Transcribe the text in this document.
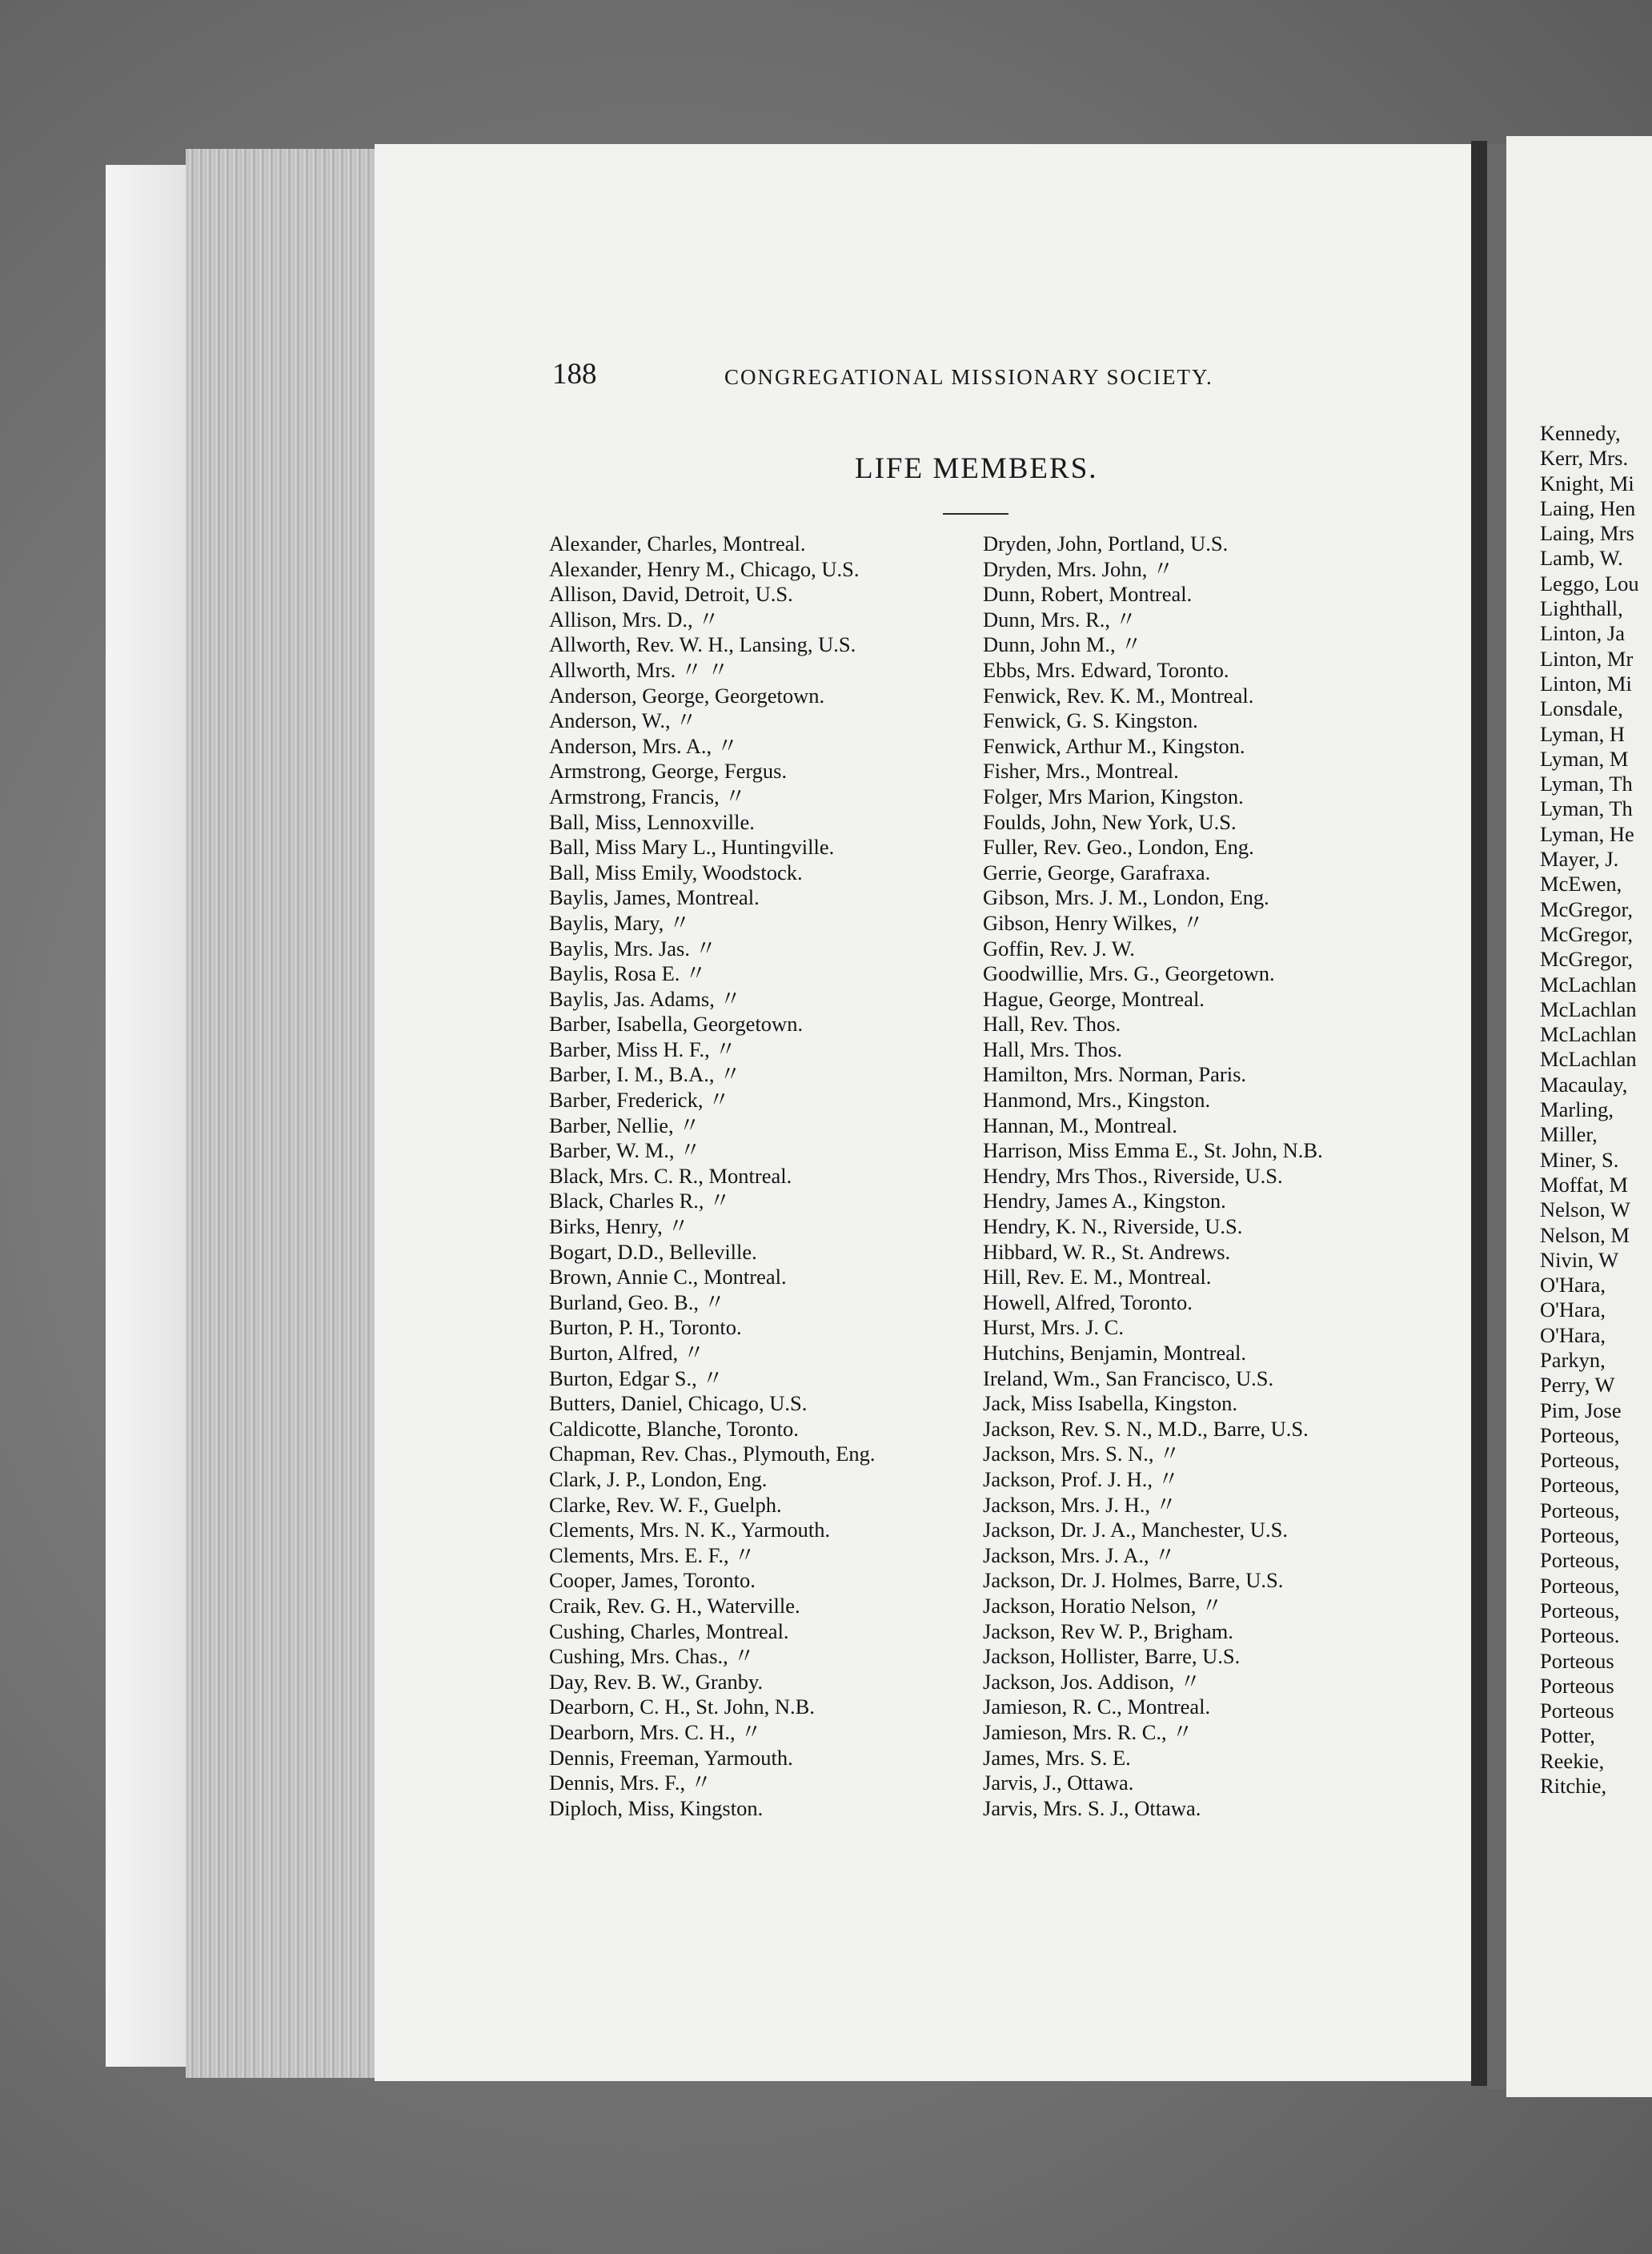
188	CONGREGATIONAL MISSIONARY SOCIETY.
LIFE MEMBERS.
Alexander, Charles, Montreal.
Alexander, Henry M., Chicago, U.S.
Allison, David, Detroit, U.S.
Allison, Mrs. D., 〃
Allworth, Rev. W. H., Lansing, U.S.
Allworth, Mrs. 〃 〃
Anderson, George, Georgetown.
Anderson, W., 〃
Anderson, Mrs. A., 〃
Armstrong, George, Fergus.
Armstrong, Francis, 〃
Ball, Miss, Lennoxville.
Ball, Miss Mary L., Huntingville.
Ball, Miss Emily, Woodstock.
Baylis, James, Montreal.
Baylis, Mary, 〃
Baylis, Mrs. Jas. 〃
Baylis, Rosa E. 〃
Baylis, Jas. Adams, 〃
Barber, Isabella, Georgetown.
Barber, Miss H. F., 〃
Barber, I. M., B.A., 〃
Barber, Frederick, 〃
Barber, Nellie, 〃
Barber, W. M., 〃
Black, Mrs. C. R., Montreal.
Black, Charles R., 〃
Birks, Henry, 〃
Bogart, D.D., Belleville.
Brown, Annie C., Montreal.
Burland, Geo. B., 〃
Burton, P. H., Toronto.
Burton, Alfred, 〃
Burton, Edgar S., 〃
Butters, Daniel, Chicago, U.S.
Caldicotte, Blanche, Toronto.
Chapman, Rev. Chas., Plymouth, Eng.
Clark, J. P., London, Eng.
Clarke, Rev. W. F., Guelph.
Clements, Mrs. N. K., Yarmouth.
Clements, Mrs. E. F., 〃
Cooper, James, Toronto.
Craik, Rev. G. H., Waterville.
Cushing, Charles, Montreal.
Cushing, Mrs. Chas., 〃
Day, Rev. B. W., Granby.
Dearborn, C. H., St. John, N.B.
Dearborn, Mrs. C. H., 〃
Dennis, Freeman, Yarmouth.
Dennis, Mrs. F., 〃
Diploch, Miss, Kingston.
Dryden, John, Portland, U.S.
Dryden, Mrs. John, 〃
Dunn, Robert, Montreal.
Dunn, Mrs. R., 〃
Dunn, John M., 〃
Ebbs, Mrs. Edward, Toronto.
Fenwick, Rev. K. M., Montreal.
Fenwick, G. S. Kingston.
Fenwick, Arthur M., Kingston.
Fisher, Mrs., Montreal.
Folger, Mrs Marion, Kingston.
Foulds, John, New York, U.S.
Fuller, Rev. Geo., London, Eng.
Gerrie, George, Garafraxa.
Gibson, Mrs. J. M., London, Eng.
Gibson, Henry Wilkes, 〃
Goffin, Rev. J. W.
Goodwillie, Mrs. G., Georgetown.
Hague, George, Montreal.
Hall, Rev. Thos.
Hall, Mrs. Thos.
Hamilton, Mrs. Norman, Paris.
Hanmond, Mrs., Kingston.
Hannan, M., Montreal.
Harrison, Miss Emma E., St. John, N.B.
Hendry, Mrs Thos., Riverside, U.S.
Hendry, James A., Kingston.
Hendry, K. N., Riverside, U.S.
Hibbard, W. R., St. Andrews.
Hill, Rev. E. M., Montreal.
Howell, Alfred, Toronto.
Hurst, Mrs. J. C.
Hutchins, Benjamin, Montreal.
Ireland, Wm., San Francisco, U.S.
Jack, Miss Isabella, Kingston.
Jackson, Rev. S. N., M.D., Barre, U.S.
Jackson, Mrs. S. N., 〃
Jackson, Prof. J. H., 〃
Jackson, Mrs. J. H., 〃
Jackson, Dr. J. A., Manchester, U.S.
Jackson, Mrs. J. A., 〃
Jackson, Dr. J. Holmes, Barre, U.S.
Jackson, Horatio Nelson, 〃
Jackson, Rev W. P., Brigham.
Jackson, Hollister, Barre, U.S.
Jackson, Jos. Addison, 〃
Jamieson, R. C., Montreal.
Jamieson, Mrs. R. C., 〃
James, Mrs. S. E.
Jarvis, J., Ottawa.
Jarvis, Mrs. S. J., Ottawa.
Kennedy,
Kerr, Mrs.
Knight, Mi
Laing, Hen
Laing, Mrs
Lamb, W.
Leggo, Lou
Lighthall,
Linton, Ja
Linton, Mr
Linton, Mi
Lonsdale,
Lyman, H
Lyman, M
Lyman, Th
Lyman, Th
Lyman, He
Mayer, J.
McEwen,
McGregor,
McGregor,
McGregor,
McLachlan
McLachlan
McLachlan
McLachlan
Macaulay,
Marling,
Miller,
Miner, S.
Moffat, M
Nelson, W
Nelson, M
Nivin, W
O'Hara,
O'Hara,
O'Hara,
Parkyn,
Perry, W
Pim, Jose
Porteous,
Porteous,
Porteous,
Porteous,
Porteous,
Porteous,
Porteous,
Porteous,
Porteous.
Porteous
Porteous
Porteous
Potter,
Reekie,
Ritchie,
